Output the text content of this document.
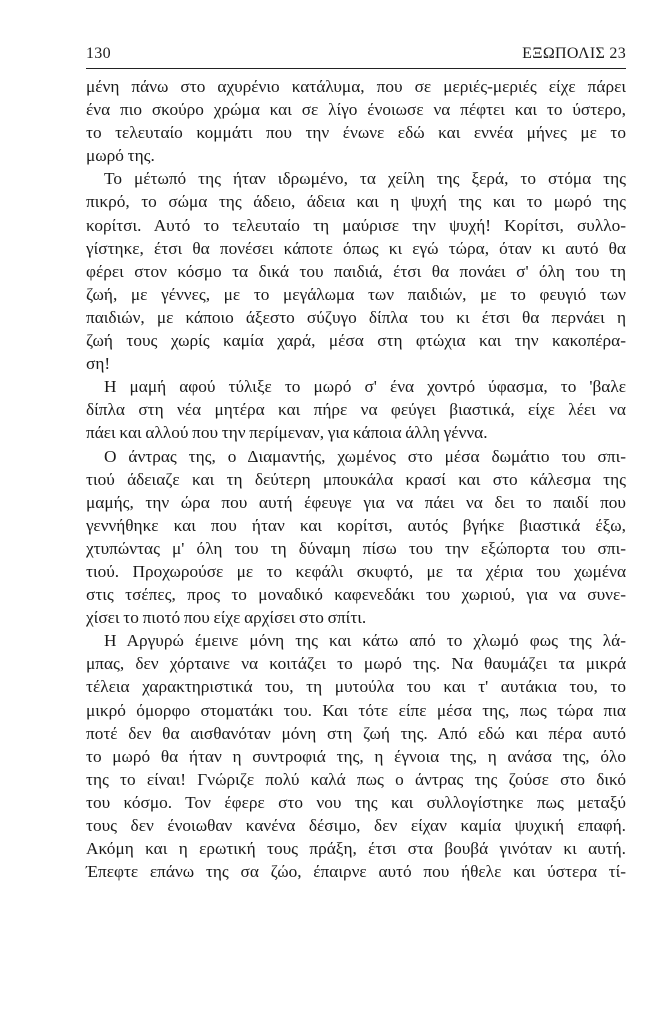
130	ΕΞΩΠΟΛΙΣ 23
μένη πάνω στο αχυρένιο κατάλυμα, που σε μεριές-μεριές είχε πάρει
ένα πιο σκούρο χρώμα και σε λίγο ένοιωσε να πέφτει και το ύστερο,
το τελευταίο κομμάτι που την ένωνε εδώ και εννέα μήνες με το
μωρό της.
Το μέτωπό της ήταν ιδρωμένο, τα χείλη της ξερά, το στόμα της
πικρό, το σώμα της άδειο, άδεια και η ψυχή της και το μωρό της
κορίτσι. Αυτό το τελευταίο τη μαύρισε την ψυχή! Κορίτσι, συλλο-
γίστηκε, έτσι θα πονέσει κάποτε όπως κι εγώ τώρα, όταν κι αυτό θα
φέρει στον κόσμο τα δικά του παιδιά, έτσι θα πονάει σ' όλη του τη
ζωή, με γέννες, με το μεγάλωμα των παιδιών, με το φευγιό των
παιδιών, με κάποιο άξεστο σύζυγο δίπλα του κι έτσι θα περνάει η
ζωή τους χωρίς καμία χαρά, μέσα στη φτώχια και την κακοπέρα-
ση!
Η μαμή αφού τύλιξε το μωρό σ' ένα χοντρό ύφασμα, το 'βαλε
δίπλα στη νέα μητέρα και πήρε να φεύγει βιαστικά, είχε λέει να
πάει και αλλού που την περίμεναν, για κάποια άλλη γέννα.
Ο άντρας της, ο Διαμαντής, χωμένος στο μέσα δωμάτιο του σπι-
τιού άδειαζε και τη δεύτερη μπουκάλα κρασί και στο κάλεσμα της
μαμής, την ώρα που αυτή έφευγε για να πάει να δει το παιδί που
γεννήθηκε και που ήταν και κορίτσι, αυτός βγήκε βιαστικά έξω,
χτυπώντας μ' όλη του τη δύναμη πίσω του την εξώπορτα του σπι-
τιού. Προχωρούσε με το κεφάλι σκυφτό, με τα χέρια του χωμένα
στις τσέπες, προς το μοναδικό καφενεδάκι του χωριού, για να συνε-
χίσει το πιοτό που είχε αρχίσει στο σπίτι.
Η Αργυρώ έμεινε μόνη της και κάτω από το χλωμό φως της λά-
μπας, δεν χόρταινε να κοιτάζει το μωρό της. Να θαυμάζει τα μικρά
τέλεια χαρακτηριστικά του, τη μυτούλα του και τ' αυτάκια του, το
μικρό όμορφο στοματάκι του. Και τότε είπε μέσα της, πως τώρα πια
ποτέ δεν θα αισθανόταν μόνη στη ζωή της. Από εδώ και πέρα αυτό
το μωρό θα ήταν η συντροφιά της, η έγνοια της, η ανάσα της, όλο
της το είναι! Γνώριζε πολύ καλά πως ο άντρας της ζούσε στο δικό
του κόσμο. Τον έφερε στο νου της και συλλογίστηκε πως μεταξύ
τους δεν ένοιωθαν κανένα δέσιμο, δεν είχαν καμία ψυχική επαφή.
Ακόμη και η ερωτική τους πράξη, έτσι στα βουβά γινόταν κι αυτή.
Έπεφτε επάνω της σα ζώο, έπαιρνε αυτό που ήθελε και ύστερα τί-
